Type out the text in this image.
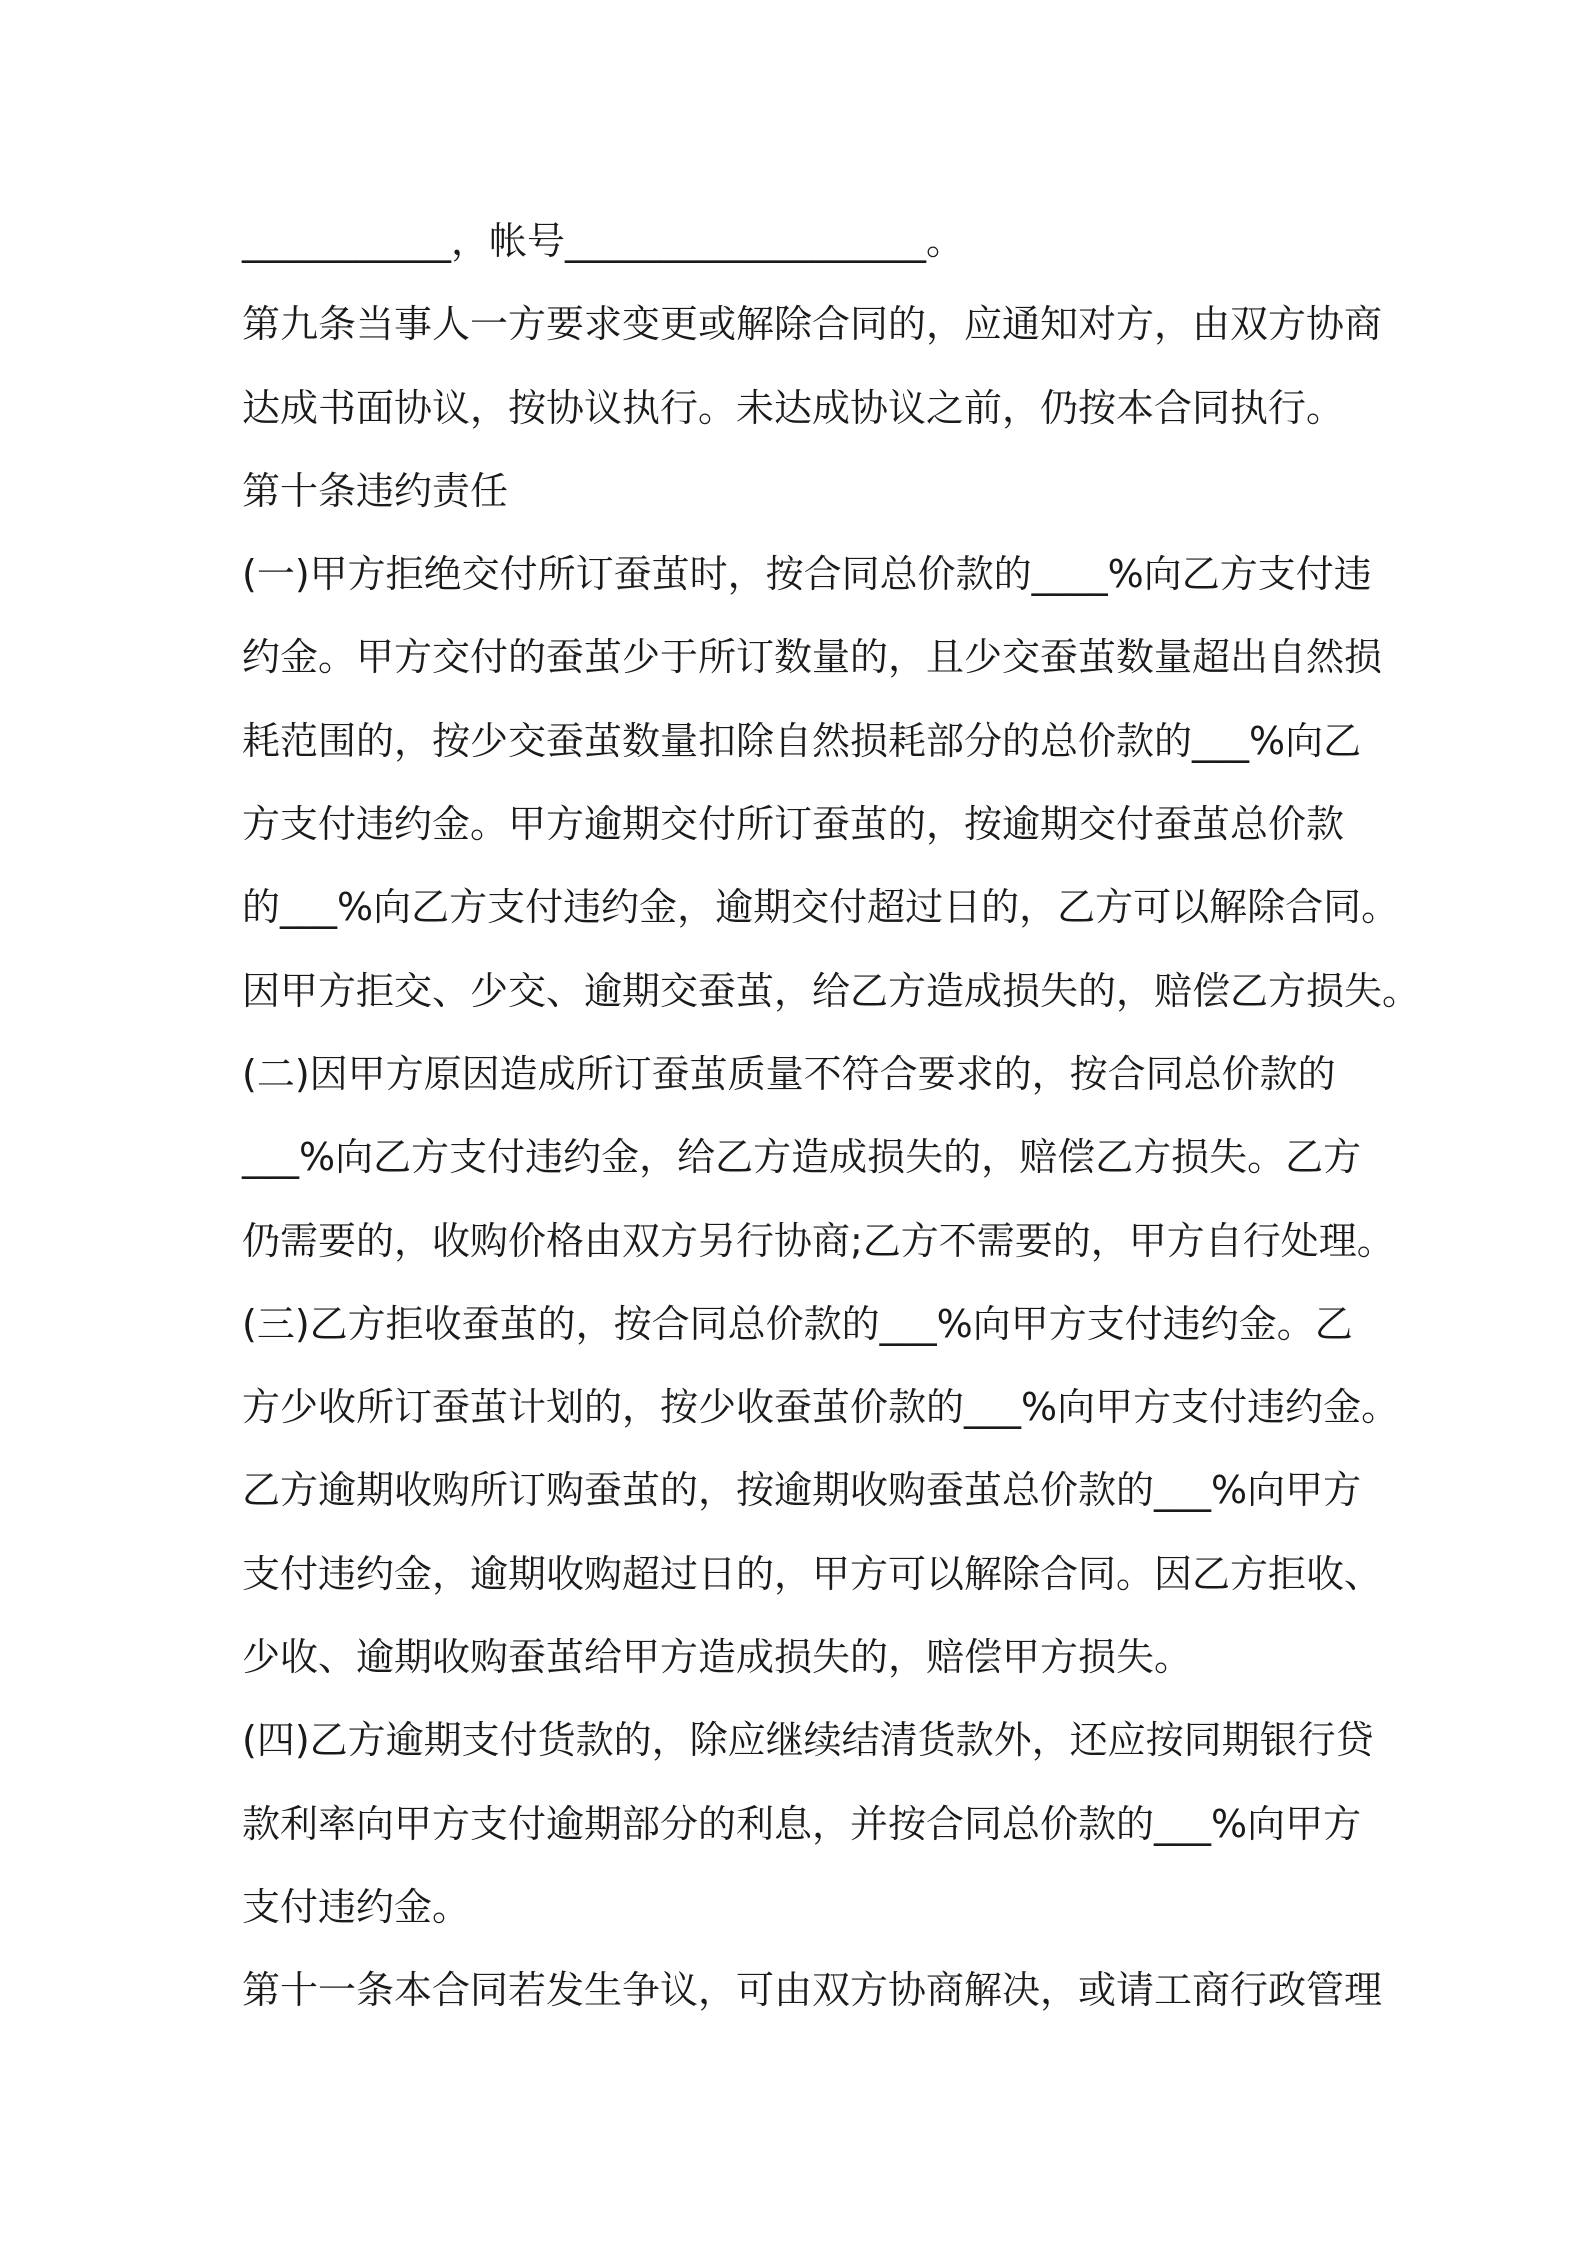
___________，帐号___________________。
第九条当事人一方要求变更或解除合同的，应通知对方，由双方协商
达成书面协议，按协议执行。未达成协议之前，仍按本合同执行。
第十条违约责任
(一)甲方拒绝交付所订蚕茧时，按合同总价款的____%向乙方支付违
约金。甲方交付的蚕茧少于所订数量的，且少交蚕茧数量超出自然损
耗范围的，按少交蚕茧数量扣除自然损耗部分的总价款的___%向乙
方支付违约金。甲方逾期交付所订蚕茧的，按逾期交付蚕茧总价款
的___%向乙方支付违约金，逾期交付超过日的，乙方可以解除合同。
因甲方拒交、少交、逾期交蚕茧，给乙方造成损失的，赔偿乙方损失。
(二)因甲方原因造成所订蚕茧质量不符合要求的，按合同总价款的
___%向乙方支付违约金，给乙方造成损失的，赔偿乙方损失。乙方
仍需要的，收购价格由双方另行协商;乙方不需要的，甲方自行处理。
(三)乙方拒收蚕茧的，按合同总价款的___%向甲方支付违约金。乙
方少收所订蚕茧计划的，按少收蚕茧价款的___%向甲方支付违约金。
乙方逾期收购所订购蚕茧的，按逾期收购蚕茧总价款的___%向甲方
支付违约金，逾期收购超过日的，甲方可以解除合同。因乙方拒收、
少收、逾期收购蚕茧给甲方造成损失的，赔偿甲方损失。
(四)乙方逾期支付货款的，除应继续结清货款外，还应按同期银行贷
款利率向甲方支付逾期部分的利息，并按合同总价款的___%向甲方
支付违约金。
第十一条本合同若发生争议，可由双方协商解决，或请工商行政管理
